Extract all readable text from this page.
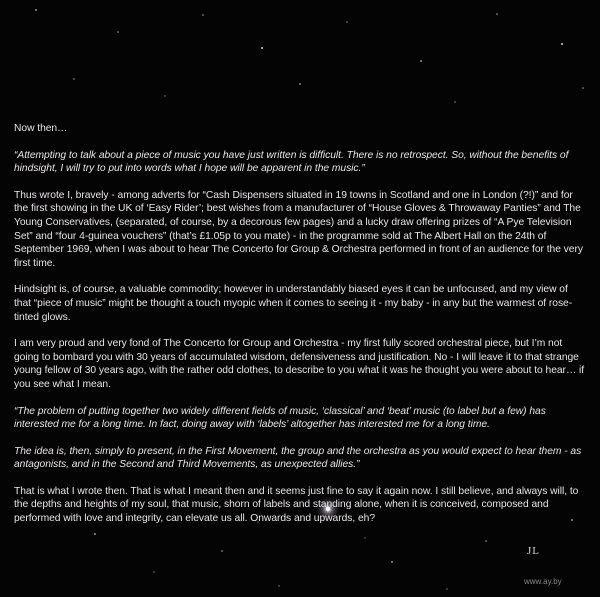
Now then…

“Attempting to talk about a piece of music you have just written is difficult. There is no retrospect. So, without the benefits of hindsight, I will try to put into words what I hope will be apparent in the music.”

Thus wrote I, bravely - among adverts for “Cash Dispensers situated in 19 towns in Scotland and one in London (?!)” and for the first showing in the UK of ‘Easy Rider’; best wishes from a manufacturer of “House Gloves & Throwaway Panties” and The Young Conservatives, (separated, of course, by a decorous few pages) and a lucky draw offering prizes of “A Pye Television Set” and “four 4-guinea vouchers” (that’s £1.05p to you mate) - in the programme sold at The Albert Hall on the 24th of September 1969, when I was about to hear The Concerto for Group & Orchestra performed in front of an audience for the very first time.

Hindsight is, of course, a valuable commodity; however in understandably biased eyes it can be unfocused, and my view of that “piece of music” might be thought a touch myopic when it comes to seeing it - my baby - in any but the warmest of rose-tinted glows.

I am very proud and very fond of The Concerto for Group and Orchestra - my first fully scored orchestral piece, but I’m not going to bombard you with 30 years of accumulated wisdom, defensiveness and justification. No - I will leave it to that strange young fellow of 30 years ago, with the rather odd clothes, to describe to you what it was he thought you were about to hear… if you see what I mean.

“The problem of putting together two widely different fields of music, ‘classical’ and ‘beat’ music (to label but a few) has interested me for a long time. In fact, doing away with ‘labels’ altogether has interested me for a long time.

The idea is, then, simply to present, in the First Movement, the group and the orchestra as you would expect to hear them - as antagonists, and in the Second and Third Movements, as unexpected allies.”

That is what I wrote then. That is what I meant then and it seems just fine to say it again now. I still believe, and always will, to the depths and heights of my soul, that music, shorn of labels and standing alone, when it is conceived, composed and performed with love and integrity, can elevate us all. Onwards and upwards, eh?

JL
www.ay.by
